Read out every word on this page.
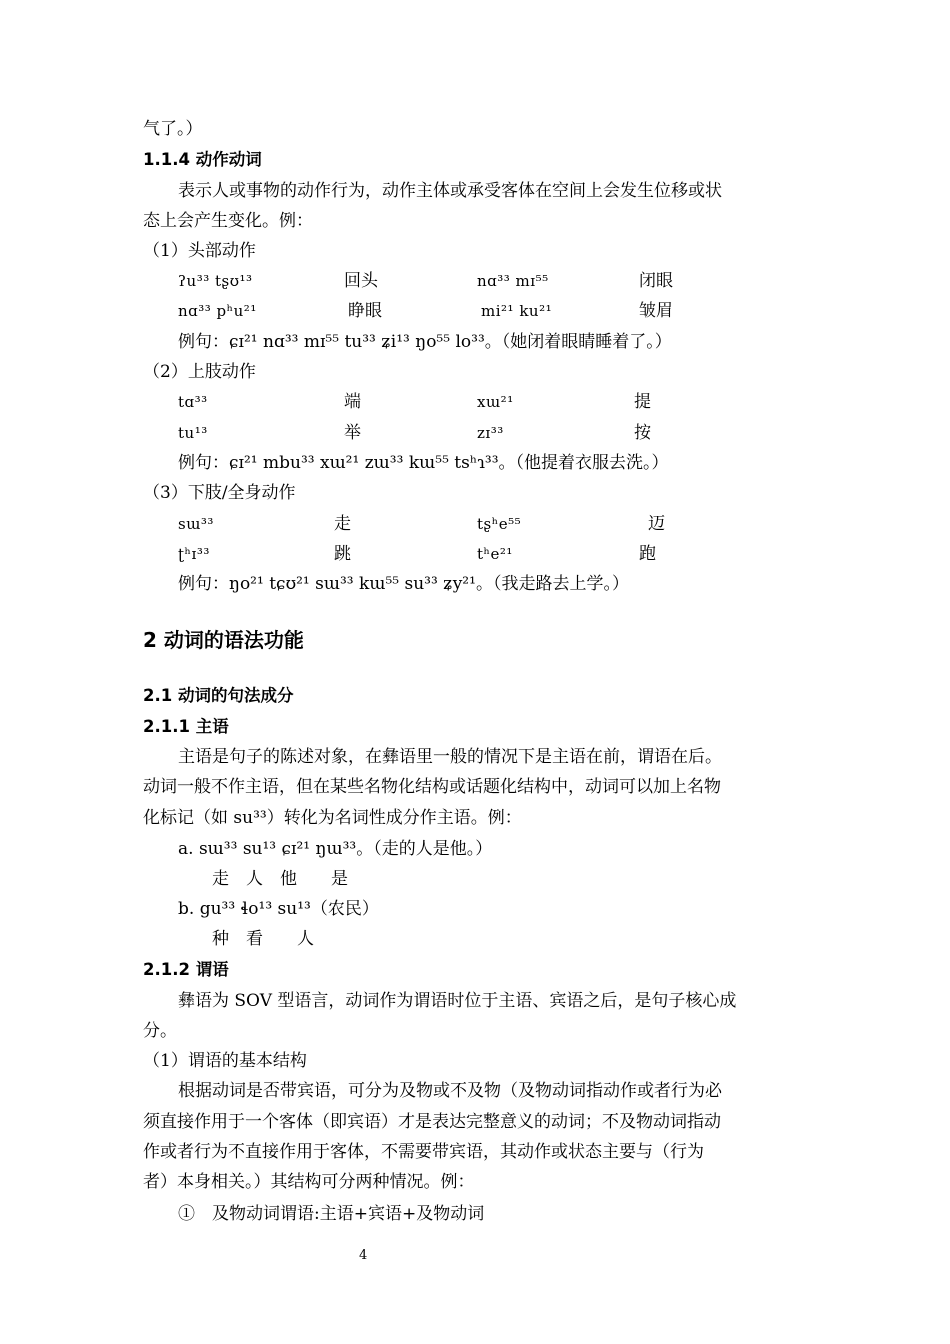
气了。）
1.1.4 动作动词
表示人或事物的动作行为，动作主体或承受客体在空间上会发生位移或状
态上会产生变化。例：
（1）头部动作
ʔu³³ tʂʊ¹³	回头	nɑ³³ mɪ⁵⁵	闭眼
nɑ³³ pʰu²¹	睁眼	mi²¹ ku²¹	皱眉
例句：ɕɪ²¹ nɑ³³ mɪ⁵⁵ tu³³ ʑi¹³ ŋo⁵⁵ lo³³。（她闭着眼睛睡着了。）
（2）上肢动作
tɑ³³	端	xɯ²¹	提
tu¹³	举	zɪ³³	按
例句：ɕɪ²¹ mbu³³ xɯ²¹ zɯ³³ kɯ⁵⁵ tsʰɿ³³。（他提着衣服去洗。）
（3）下肢/全身动作
sɯ³³	走	tʂʰe⁵⁵	迈
ʈʰɪ³³	跳	tʰe²¹	跑
例句：ŋo²¹ tɕʊ²¹ sɯ³³ kɯ⁵⁵ su³³ ʑy²¹。（我走路去上学。）
2 动词的语法功能
2.1 动词的句法成分
2.1.1 主语
主语是句子的陈述对象，在彝语里一般的情况下是主语在前，谓语在后。
动词一般不作主语，但在某些名物化结构或话题化结构中，动词可以加上名物
化标记（如 su³³）转化为名词性成分作主语。例：
a. sɯ³³ su¹³ ɕɪ²¹ ŋɯ³³。（走的人是他。）
走　人　他　　是
b. gu³³ ɬo¹³ su¹³（农民）
种　看　　人
2.1.2 谓语
彝语为 SOV 型语言，动词作为谓语时位于主语、宾语之后，是句子核心成
分。
（1）谓语的基本结构
根据动词是否带宾语，可分为及物或不及物（及物动词指动作或者行为必
须直接作用于一个客体（即宾语）才是表达完整意义的动词；不及物动词指动
作或者行为不直接作用于客体，不需要带宾语，其动作或状态主要与（行为
者）本身相关。）其结构可分两种情况。例：
①　及物动词谓语:主语+宾语+及物动词
4
